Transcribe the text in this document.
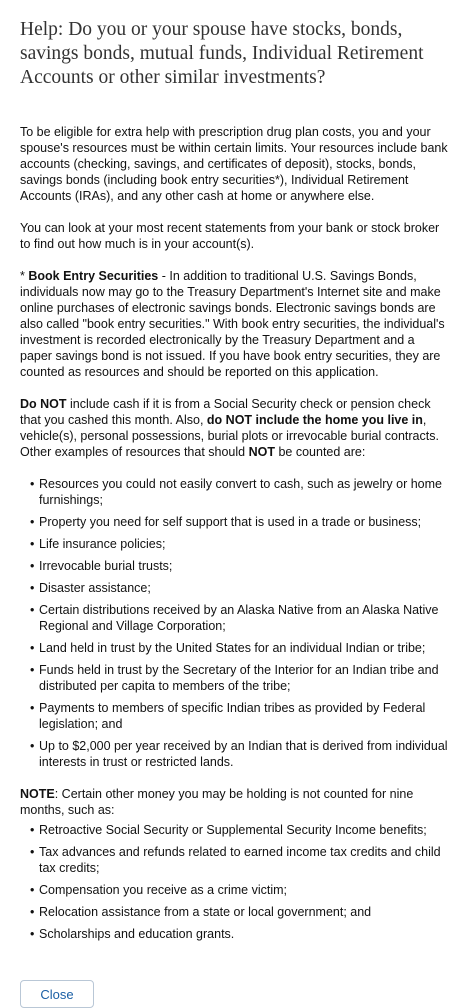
Help: Do you or your spouse have stocks, bonds, savings bonds, mutual funds, Individual Retirement Accounts or other similar investments?

To be eligible for extra help with prescription drug plan costs, you and your spouse's resources must be within certain limits. Your resources include bank accounts (checking, savings, and certificates of deposit), stocks, bonds, savings bonds (including book entry securities*), Individual Retirement Accounts (IRAs), and any other cash at home or anywhere else.

You can look at your most recent statements from your bank or stock broker to find out how much is in your account(s).

* Book Entry Securities - In addition to traditional U.S. Savings Bonds, individuals now may go to the Treasury Department's Internet site and make online purchases of electronic savings bonds. Electronic savings bonds are also called "book entry securities." With book entry securities, the individual's investment is recorded electronically by the Treasury Department and a paper savings bond is not issued. If you have book entry securities, they are counted as resources and should be reported on this application.

Do NOT include cash if it is from a Social Security check or pension check that you cashed this month. Also, do NOT include the home you live in, vehicle(s), personal possessions, burial plots or irrevocable burial contracts. Other examples of resources that should NOT be counted are:

• Resources you could not easily convert to cash, such as jewelry or home furnishings;
• Property you need for self support that is used in a trade or business;
• Life insurance policies;
• Irrevocable burial trusts;
• Disaster assistance;
• Certain distributions received by an Alaska Native from an Alaska Native Regional and Village Corporation;
• Land held in trust by the United States for an individual Indian or tribe;
• Funds held in trust by the Secretary of the Interior for an Indian tribe and distributed per capita to members of the tribe;
• Payments to members of specific Indian tribes as provided by Federal legislation; and
• Up to $2,000 per year received by an Indian that is derived from individual interests in trust or restricted lands.

NOTE: Certain other money you may be holding is not counted for nine months, such as:

• Retroactive Social Security or Supplemental Security Income benefits;
• Tax advances and refunds related to earned income tax credits and child tax credits;
• Compensation you receive as a crime victim;
• Relocation assistance from a state or local government; and
• Scholarships and education grants.
Close
